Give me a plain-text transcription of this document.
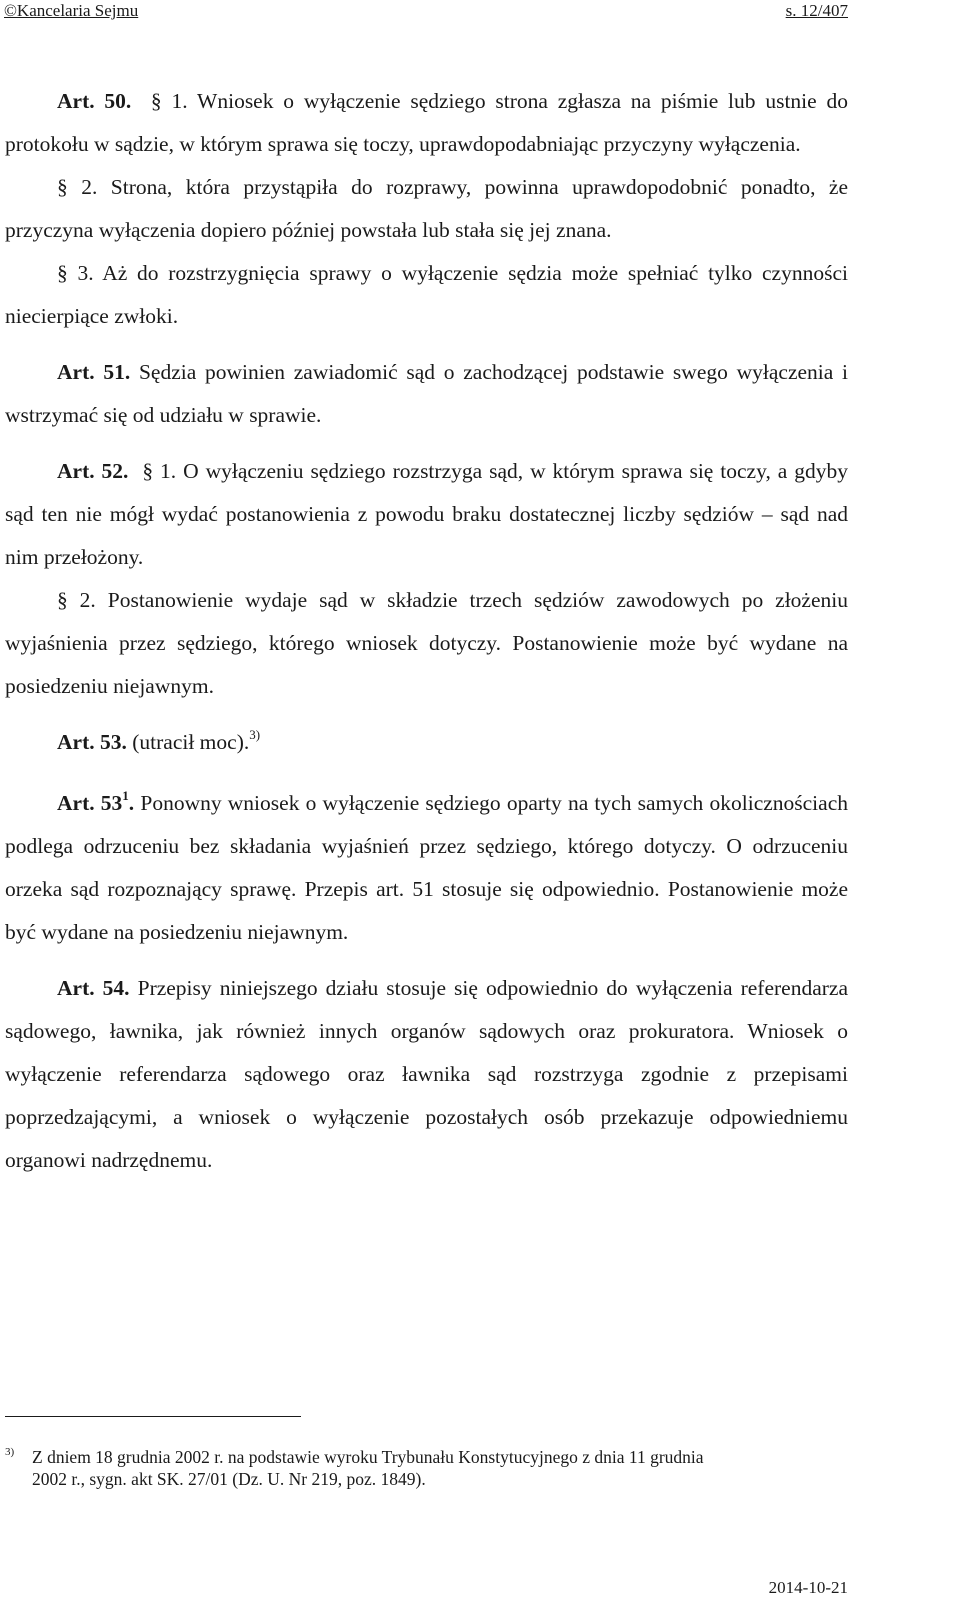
©Kancelaria Sejmu	s. 12/407

Art. 50. § 1. Wniosek o wyłączenie sędziego strona zgłasza na piśmie lub ustnie do protokołu w sądzie, w którym sprawa się toczy, uprawdopodabniając przyczyny wyłączenia.

§ 2. Strona, która przystąpiła do rozprawy, powinna uprawdopodobnić ponadto, że przyczyna wyłączenia dopiero później powstała lub stała się jej znana.

§ 3. Aż do rozstrzygnięcia sprawy o wyłączenie sędzia może spełniać tylko czynności niecierpiące zwłoki.

Art. 51. Sędzia powinien zawiadomić sąd o zachodzącej podstawie swego wyłączenia i wstrzymać się od udziału w sprawie.

Art. 52. § 1. O wyłączeniu sędziego rozstrzyga sąd, w którym sprawa się toczy, a gdyby sąd ten nie mógł wydać postanowienia z powodu braku dostatecznej liczby sędziów – sąd nad nim przełożony.

§ 2. Postanowienie wydaje sąd w składzie trzech sędziów zawodowych po złożeniu wyjaśnienia przez sędziego, którego wniosek dotyczy. Postanowienie może być wydane na posiedzeniu niejawnym.

Art. 53. (utracił moc).$^{3)}$

Art. $53^1$. Ponowny wniosek o wyłączenie sędziego oparty na tych samych okolicznościach podlega odrzuceniu bez składania wyjaśnień przez sędziego, którego dotyczy. O odrzuceniu orzeka sąd rozpoznający sprawę. Przepis art. 51 stosuje się odpowiednio. Postanowienie może być wydane na posiedzeniu niejawnym.

Art. 54. Przepisy niniejszego działu stosuje się odpowiednio do wyłączenia referendarza sądowego, ławnika, jak również innych organów sądowych oraz prokuratora. Wniosek o wyłączenie referendarza sądowego oraz ławnika sąd rozstrzyga zgodnie z przepisami poprzedzającymi, a wniosek o wyłączenie pozostałych osób przekazuje odpowiedniemu organowi nadrzędnemu.

3) Z dniem 18 grudnia 2002 r. na podstawie wyroku Trybunału Konstytucyjnego z dnia 11 grudnia
2002 r., sygn. akt SK. 27/01 (Dz. U. Nr 219, poz. 1849).
2014-10-21
